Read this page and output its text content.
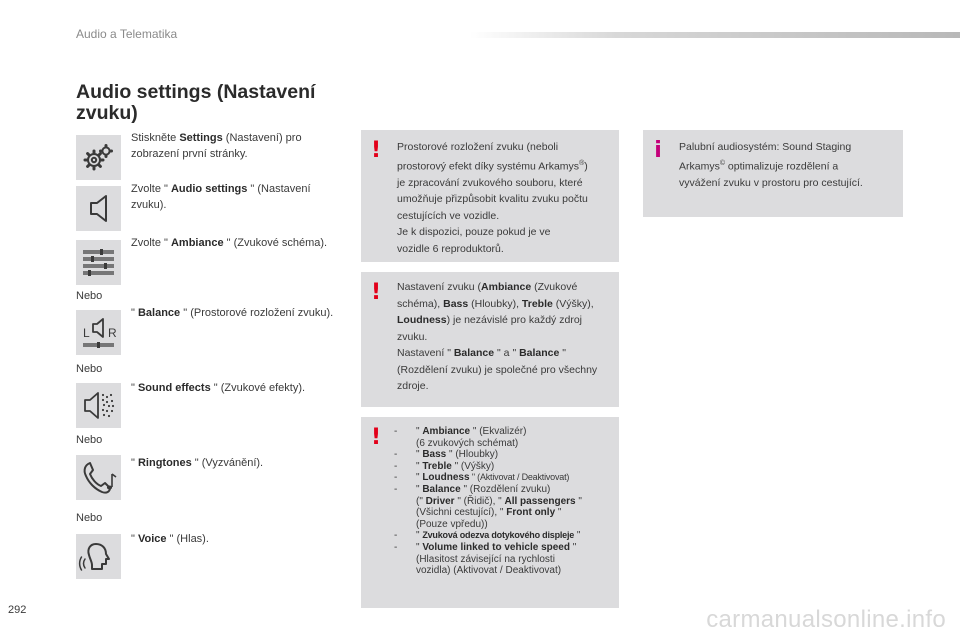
Audio a Telematika
Audio settings (Nastavení zvuku)
Stiskněte Settings (Nastavení) pro zobrazení první stránky.
Zvolte " Audio settings " (Nastavení zvuku).
Zvolte " Ambiance " (Zvukové schéma).
Nebo
L R
" Balance " (Prostorové rozložení zvuku).
Nebo
" Sound effects " (Zvukové efekty).
Nebo
" Ringtones " (Vyzvánění).
Nebo
" Voice " (Hlas).
! Prostorové rozložení zvuku (neboli
prostorový efekt díky systému Arkamys®)
je zpracování zvukového souboru, které
umožňuje přizpůsobit kvalitu zvuku počtu
cestujících ve vozidle.
Je k dispozici, pouze pokud je ve
vozidle 6 reproduktorů.
! Nastavení zvuku (Ambiance (Zvukové schéma), Bass (Hloubky), Treble (Výšky), Loudness) je nezávislé pro každý zdroj zvuku.
Nastavení " Balance " a " Balance " (Rozdělení zvuku) je společné pro všechny zdroje.
! - " Ambiance " (Ekvalizér)
(6 zvukových schémat)
- " Bass " (Hloubky)
- " Treble " (Výšky)
- " Loudness " (Aktivovat / Deaktivovat)
- " Balance " (Rozdělení zvuku)
(" Driver " (Řidič), " All passengers "
(Všichni cestující), " Front only "
(Pouze vpředu))
- " Zvuková odezva dotykového displeje "
- " Volume linked to vehicle speed "
(Hlasitost závisející na rychlosti
vozidla) (Aktivovat / Deaktivovat)
i	Palubní audiosystém: Sound Staging
Arkamys© optimalizuje rozdělení a
vyvážení zvuku v prostoru pro cestující.
292	carmanualsonline.info
